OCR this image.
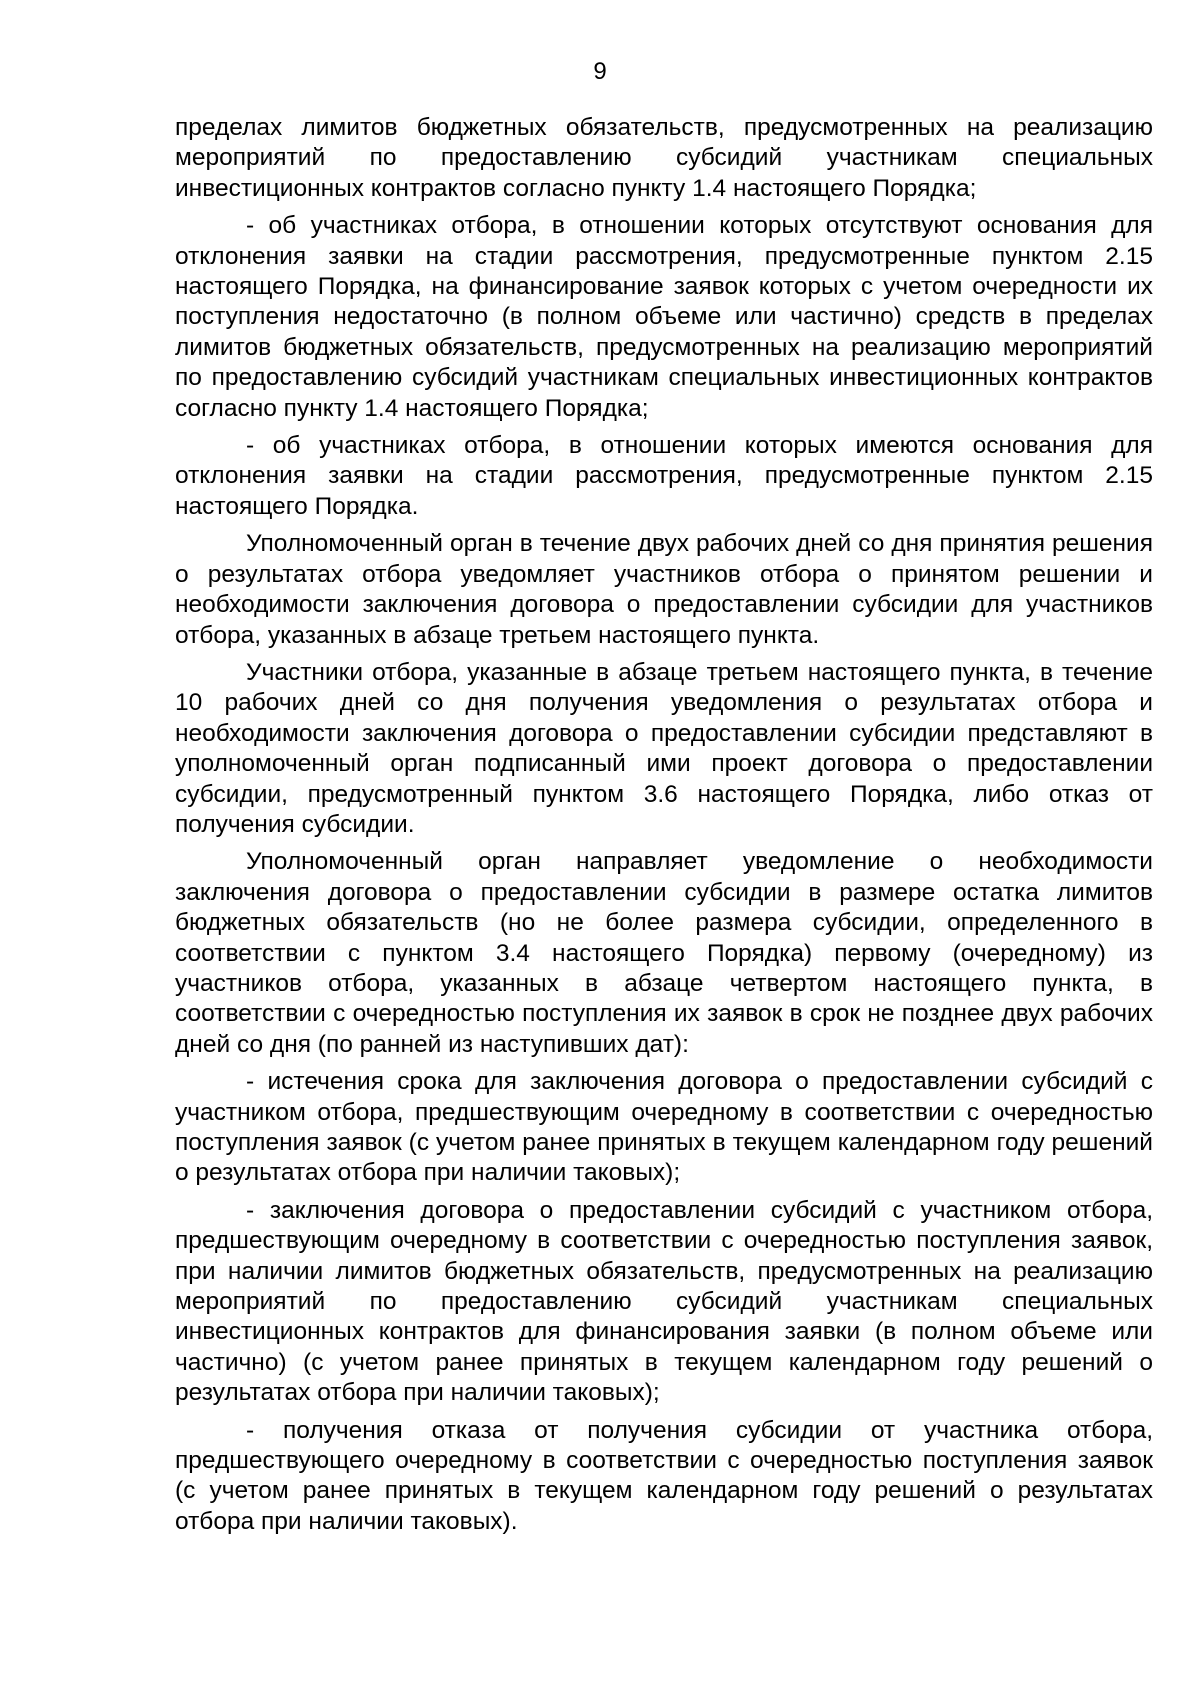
9

пределах лимитов бюджетных обязательств, предусмотренных на реализацию мероприятий по предоставлению субсидий участникам специальных инвестиционных контрактов согласно пункту 1.4 настоящего Порядка;

- об участниках отбора, в отношении которых отсутствуют основания для отклонения заявки на стадии рассмотрения, предусмотренные пунктом 2.15 настоящего Порядка, на финансирование заявок которых с учетом очередности их поступления недостаточно (в полном объеме или частично) средств в пределах лимитов бюджетных обязательств, предусмотренных на реализацию мероприятий по предоставлению субсидий участникам специальных инвестиционных контрактов согласно пункту 1.4 настоящего Порядка;

- об участниках отбора, в отношении которых имеются основания для отклонения заявки на стадии рассмотрения, предусмотренные пунктом 2.15 настоящего Порядка.

Уполномоченный орган в течение двух рабочих дней со дня принятия решения о результатах отбора уведомляет участников отбора о принятом решении и необходимости заключения договора о предоставлении субсидии для участников отбора, указанных в абзаце третьем настоящего пункта.

Участники отбора, указанные в абзаце третьем настоящего пункта, в течение 10 рабочих дней со дня получения уведомления о результатах отбора и необходимости заключения договора о предоставлении субсидии представляют в уполномоченный орган подписанный ими проект договора о предоставлении субсидии, предусмотренный пунктом 3.6 настоящего Порядка, либо отказ от получения субсидии.

Уполномоченный орган направляет уведомление о необходимости заключения договора о предоставлении субсидии в размере остатка лимитов бюджетных обязательств (но не более размера субсидии, определенного в соответствии с пунктом 3.4 настоящего Порядка) первому (очередному) из участников отбора, указанных в абзаце четвертом настоящего пункта, в соответствии с очередностью поступления их заявок в срок не позднее двух рабочих дней со дня (по ранней из наступивших дат):

- истечения срока для заключения договора о предоставлении субсидий с участником отбора, предшествующим очередному в соответствии с очередностью поступления заявок (с учетом ранее принятых в текущем календарном году решений о результатах отбора при наличии таковых);

- заключения договора о предоставлении субсидий с участником отбора, предшествующим очередному в соответствии с очередностью поступления заявок, при наличии лимитов бюджетных обязательств, предусмотренных на реализацию мероприятий по предоставлению субсидий участникам специальных инвестиционных контрактов для финансирования заявки (в полном объеме или частично) (с учетом ранее принятых в текущем календарном году решений о результатах отбора при наличии таковых);

- получения отказа от получения субсидии от участника отбора, предшествующего очередному в соответствии с очередностью поступления заявок (с учетом ранее принятых в текущем календарном году решений о результатах отбора при наличии таковых).
